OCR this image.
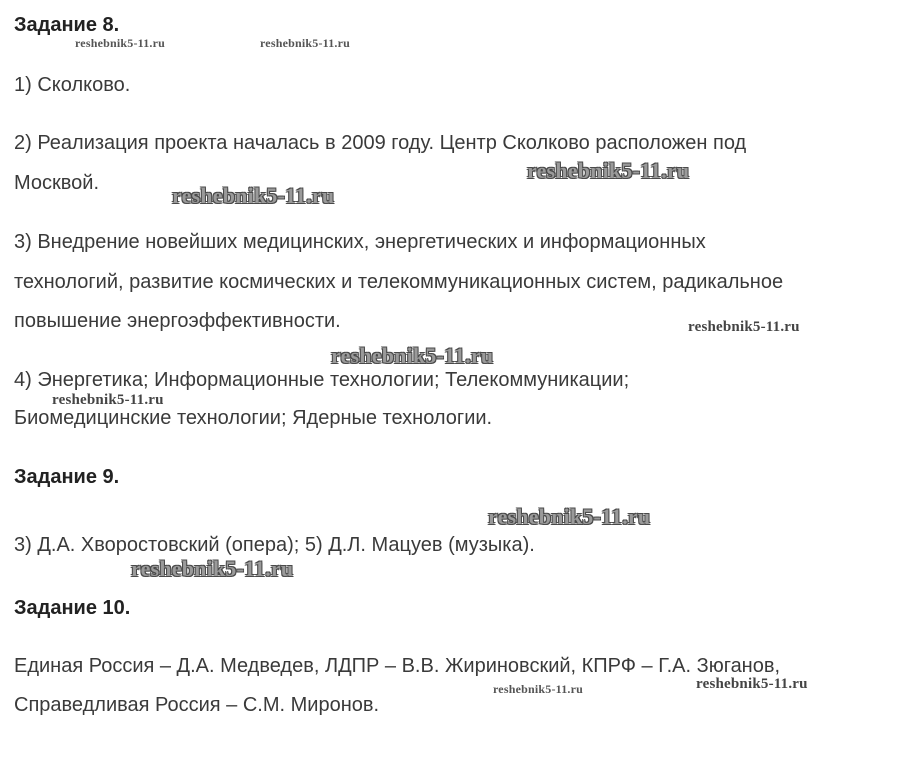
Задание 8.
1) Сколково.
2) Реализация проекта началась в 2009 году. Центр Сколково расположен под
Москвой.
3) Внедрение новейших медицинских, энергетических и информационных
технологий, развитие космических и телекоммуникационных систем, радикальное
повышение энергоэффективности.
4) Энергетика; Информационные технологии; Телекоммуникации;
Биомедицинские технологии; Ядерные технологии.
Задание 9.
3) Д.А. Хворостовский (опера); 5) Д.Л. Мацуев (музыка).
Задание 10.
Единая Россия – Д.А. Медведев, ЛДПР – В.В. Жириновский, КПРФ – Г.А. Зюганов,
Справедливая Россия – С.М. Миронов.
reshebnik5-11.ru	reshebnik5-11.ru
reshebnik5-11.ru
reshebnik5-11.ru
reshebnik5-11.ru
reshebnik5-11.ru
reshebnik5-11.ru
reshebnik5-11.ru
reshebnik5-11.ru
reshebnik5-11.ru	reshebnik5-11.ru
